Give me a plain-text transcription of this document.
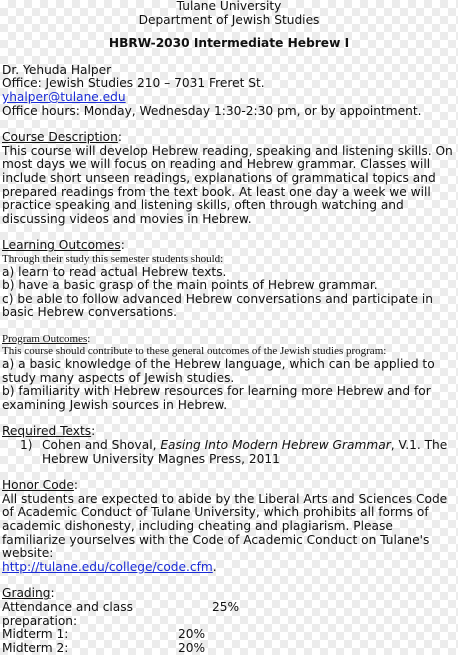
Tulane University
Department of Jewish Studies
HBRW-2030 Intermediate Hebrew I
Dr. Yehuda Halper
Office: Jewish Studies 210 – 7031 Freret St.
yhalper@tulane.edu
Office hours: Monday, Wednesday 1:30-2:30 pm, or by appointment.
Course Description:

This course will develop Hebrew reading, speaking and listening skills. On most days we will focus on reading and Hebrew grammar. Classes will include short unseen readings, explanations of grammatical topics and prepared readings from the text book. At least one day a week we will practice speaking and listening skills, often through watching and discussing videos and movies in Hebrew.

Learning Outcomes:
Through their study this semester students should:
a) learn to read actual Hebrew texts.
b) have a basic grasp of the main points of Hebrew grammar.
c) be able to follow advanced Hebrew conversations and participate in basic Hebrew conversations.
Program Outcomes:
This course should contribute to these general outcomes of the Jewish studies program:
a) a basic knowledge of the Hebrew language, which can be applied to study many aspects of Jewish studies.
b) familiarity with Hebrew resources for learning more Hebrew and for examining Jewish sources in Hebrew.
Required Texts:
1) Cohen and Shoval, Easing Into Modern Hebrew Grammar, V.1. The Hebrew University Magnes Press, 2011
Honor Code:

All students are expected to abide by the Liberal Arts and Sciences Code of Academic Conduct of Tulane University, which prohibits all forms of academic dishonesty, including cheating and plagiarism. Please familiarize yourselves with the Code of Academic Conduct on Tulane's website:
http://tulane.edu/college/code.cfm.

Grading:
Attendance and class preparation:
25%
Midterm 1:	20%
Midterm 2:	20%
